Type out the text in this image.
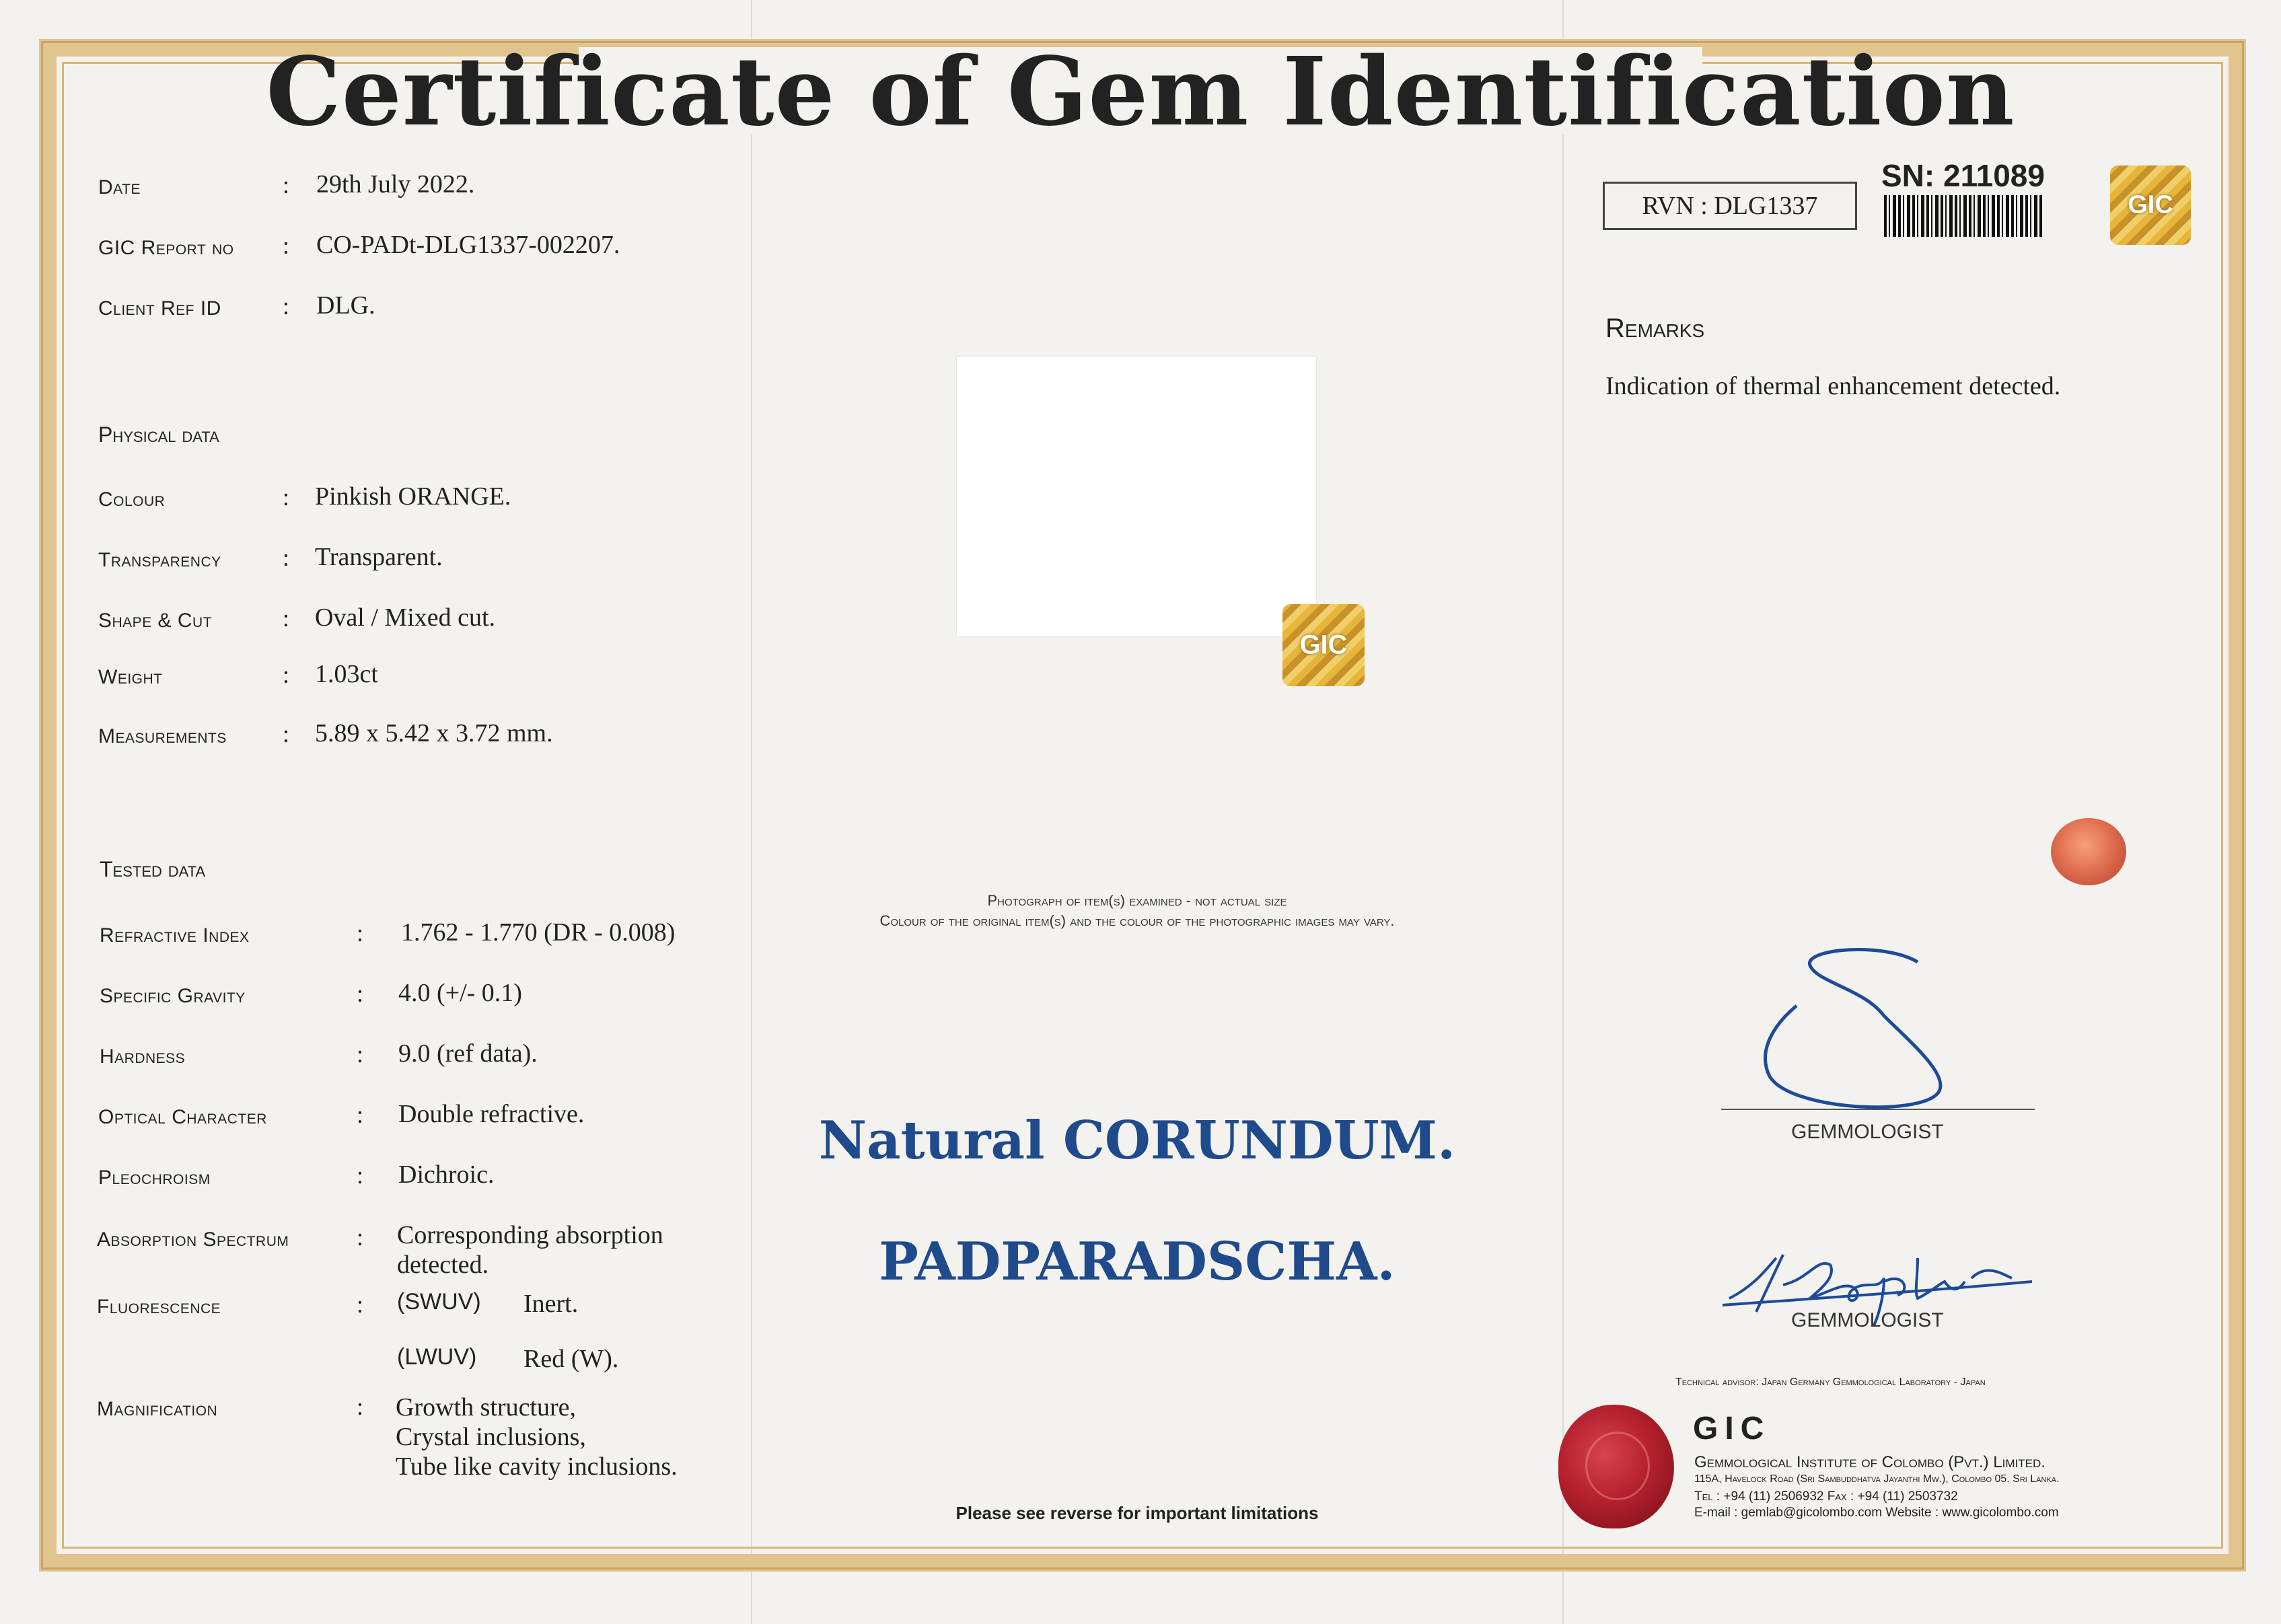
Certificate of Gem Identification
Date	: 29th July 2022.
GIC Report no : CO-PADt-DLG1337-002207.
Client Ref ID	: DLG.
Physical data
Colour	: Pinkish ORANGE.
Transparency	: Transparent.
Shape & Cut	: Oval / Mixed cut.
Weight	: 1.03ct
Measurements : 5.89 x 5.42 x 3.72 mm.
Tested data
Refractive Index	: 1.762 - 1.770 (DR - 0.008)
Specific Gravity	: 4.0 (+/- 0.1)
Hardness	: 9.0 (ref data).
Optical Character	: Double refractive.
Pleochroism	: Dichroic.
Absorption Spectrum	: Corresponding absorption
detected.
Fluorescence	: (SWUV) Inert.
(LWUV) Red (W).
Magnification	: Growth structure,
Crystal inclusions,
Tube like cavity inclusions.
GIC
Photograph of item(s) examined - not actual size
Colour of the original item(s) and the colour of the photographic images may vary.
Natural CORUNDUM.
PADPARADSCHA.
Please see reverse for important limitations
RVN : DLG1337
SN: 211089
GIC
Remarks
Indication of thermal enhancement detected.
GEMMOLOGIST
GEMMOLOGIST
Technical advisor: Japan Germany Gemmological Laboratory - Japan
GIC
Gemmological Institute of Colombo (Pvt.) Limited.
115A, Havelock Road (Sri Sambuddhatva Jayanthi Mw.), Colombo 05. Sri Lanka.
Tel : +94 (11) 2506932 Fax : +94 (11) 2503732
E-mail : gemlab@gicolombo.com Website : www.gicolombo.com
